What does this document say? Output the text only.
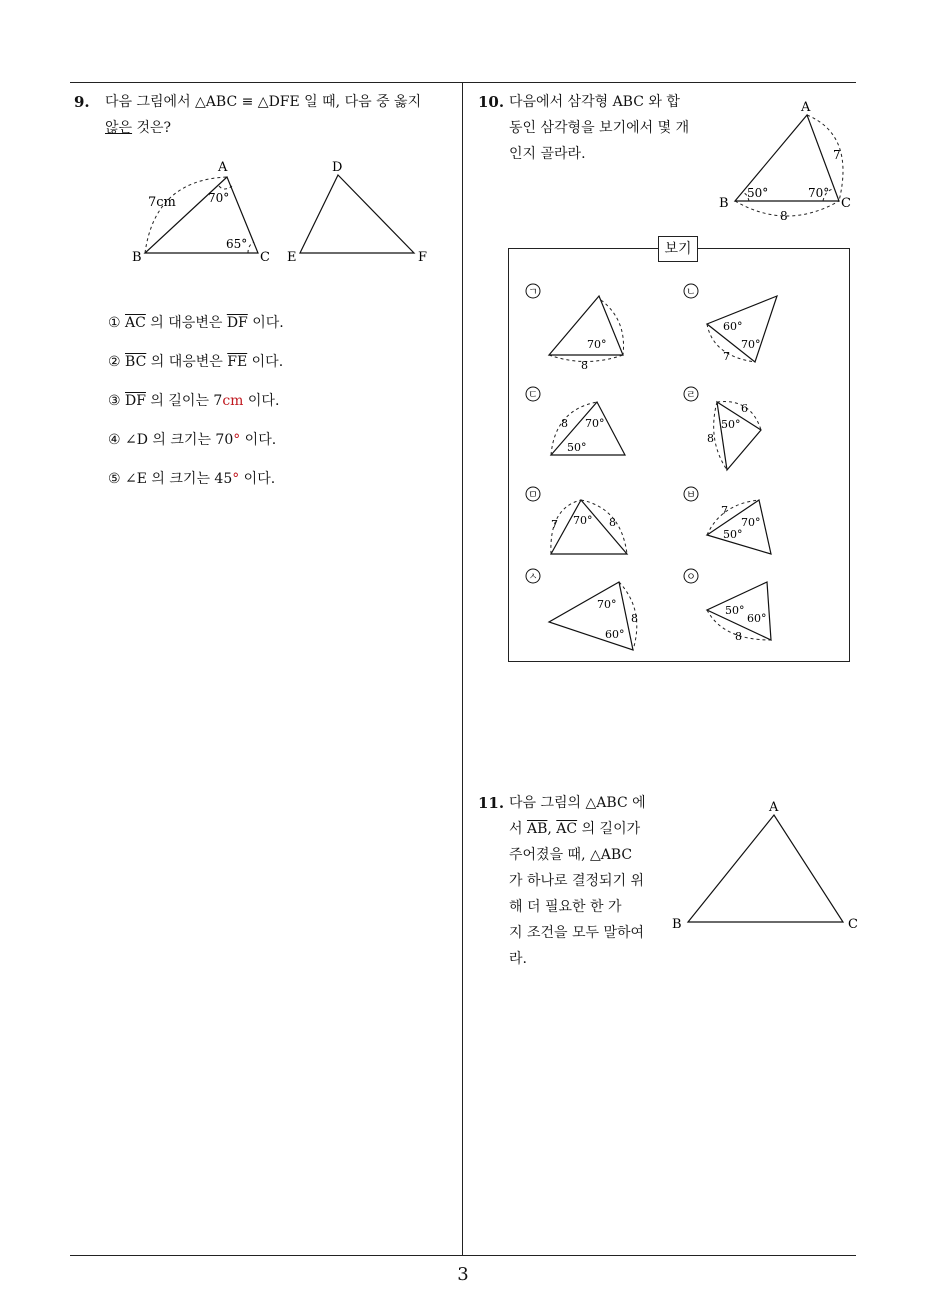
9. 다음 그림에서 △ABC ≡ △DFE 일 때, 다음 중 옳지
않은 것은?
A
B	C
7cm	70°
65°
D
E	F
① $\overline{AC}$ 의 대응변은 $\overline{DF}$ 이다.
② $\overline{BC}$ 의 대응변은 $\overline{FE}$ 이다.
③ $\overline{DF}$ 의 길이는 7cm 이다.
④ ∠D 의 크기는 70° 이다.
⑤ ∠E 의 크기는 45° 이다.
10. 다음에서 삼각형 ABC 와 합
동인 삼각형을 보기에서 몇 개
인지 골라라.
A
B	C
50°	70°
7
8
보기
ㄱ
70°
8
ㄴ
60°
70°
7
ㄷ
8 70°
50°
ㄹ
6
50°
8
ㅁ
7 70° 8
ㅂ
7
70°
50°
ㅅ
70°
8
60°
ㅇ
50°
60°
8
11. 다음 그림의 △ABC 에
서 $\overline{AB}$, $\overline{AC}$ 의 길이가
주어졌을 때, △ABC
가 하나로 결정되기 위
해 더 필요한 한 가
지 조건을 모두 말하여
라.
A
B	C
3
